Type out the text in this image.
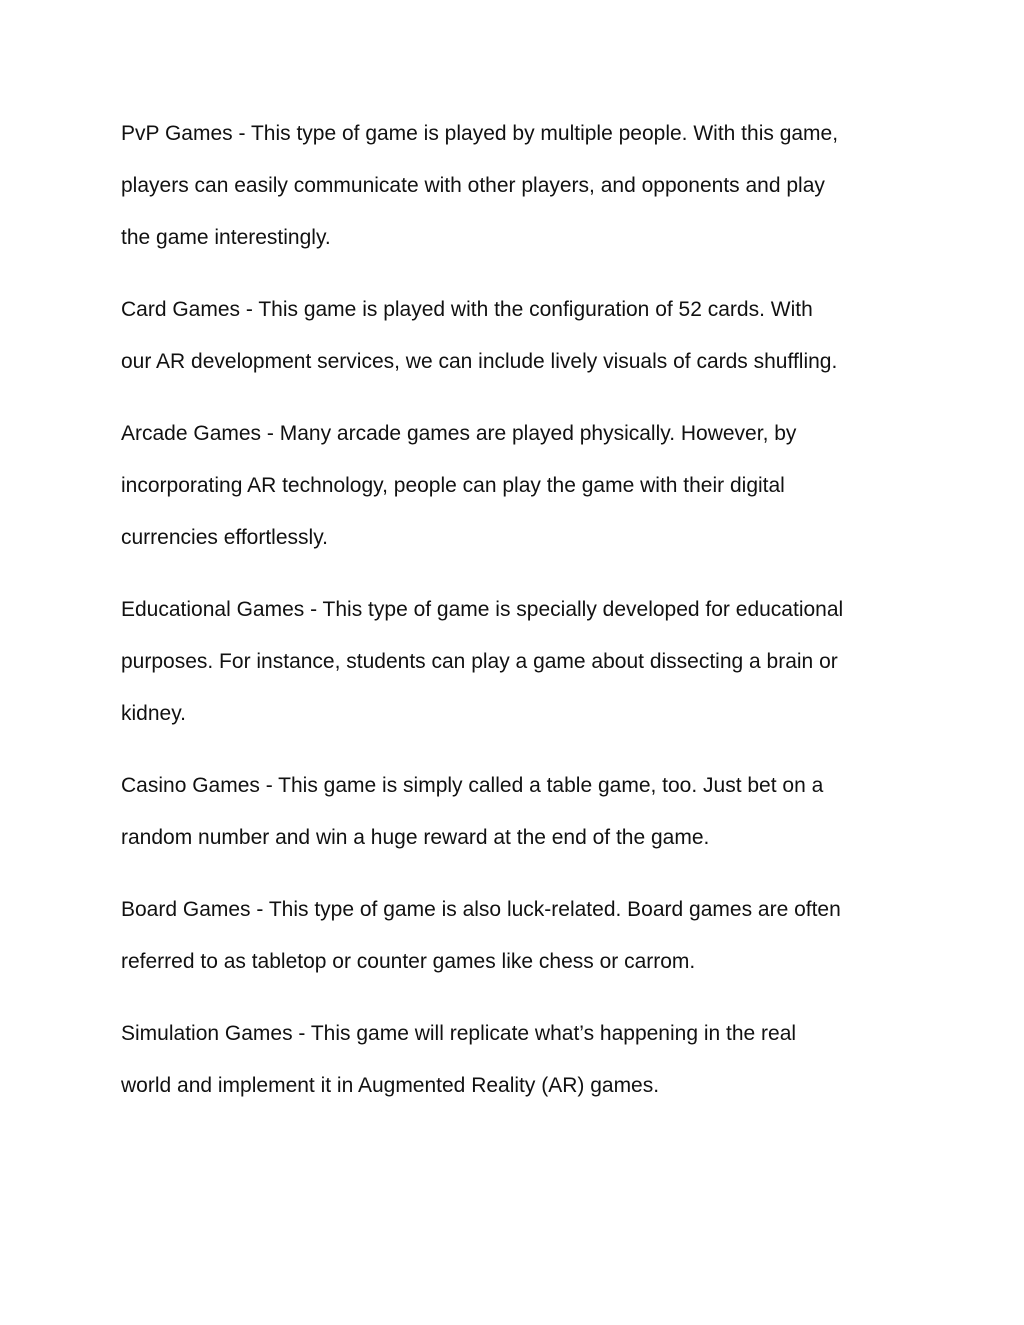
PvP Games - This type of game is played by multiple people. With this game,
players can easily communicate with other players, and opponents and play
the game interestingly.

Card Games - This game is played with the configuration of 52 cards. With
our AR development services, we can include lively visuals of cards shuffling.

Arcade Games - Many arcade games are played physically. However, by
incorporating AR technology, people can play the game with their digital
currencies effortlessly.

Educational Games - This type of game is specially developed for educational
purposes. For instance, students can play a game about dissecting a brain or
kidney.

Casino Games - This game is simply called a table game, too. Just bet on a
random number and win a huge reward at the end of the game.

Board Games - This type of game is also luck-related. Board games are often
referred to as tabletop or counter games like chess or carrom.

Simulation Games - This game will replicate what’s happening in the real
world and implement it in Augmented Reality (AR) games.
